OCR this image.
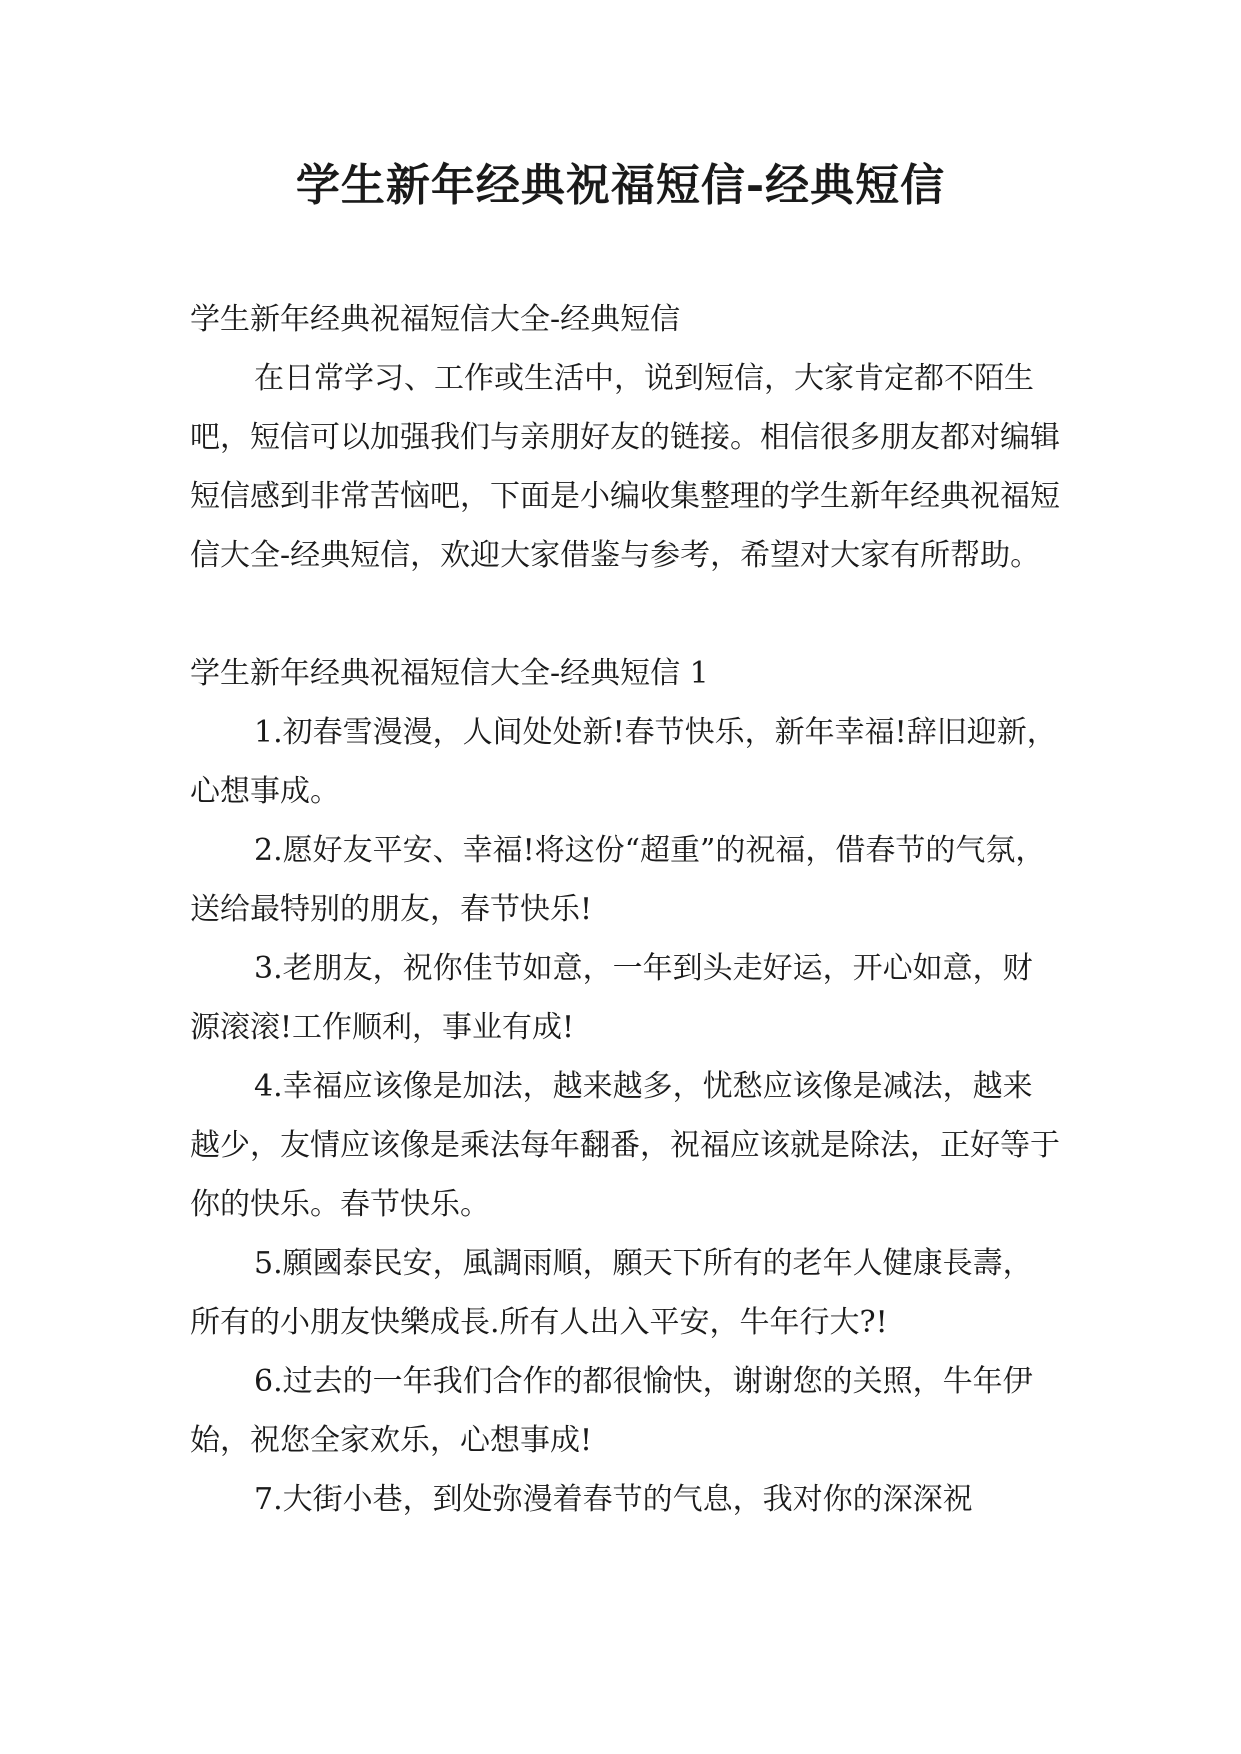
学生新年经典祝福短信-经典短信

学生新年经典祝福短信大全-经典短信

在日常学习、工作或生活中，说到短信，大家肯定都不陌生吧，短信可以加强我们与亲朋好友的链接。相信很多朋友都对编辑短信感到非常苦恼吧，下面是小编收集整理的学生新年经典祝福短信大全-经典短信，欢迎大家借鉴与参考，希望对大家有所帮助。

学生新年经典祝福短信大全-经典短信 1

1.初春雪漫漫，人间处处新!春节快乐，新年幸福!辞旧迎新，心想事成。

2.愿好友平安、幸福!将这份“超重”的祝福，借春节的气氛，送给最特别的朋友，春节快乐!

3.老朋友，祝你佳节如意，一年到头走好运，开心如意，财源滚滚!工作顺利，事业有成!

4.幸福应该像是加法，越来越多，忧愁应该像是减法，越来越少，友情应该像是乘法每年翻番，祝福应该就是除法，正好等于你的快乐。春节快乐。

5.願國泰民安，風調雨順，願天下所有的老年人健康長壽，所有的小朋友快樂成長.所有人出入平安，牛年行大?!

6.过去的一年我们合作的都很愉快，谢谢您的关照，牛年伊始，祝您全家欢乐，心想事成!

7.大街小巷，到处弥漫着春节的气息，我对你的深深祝
